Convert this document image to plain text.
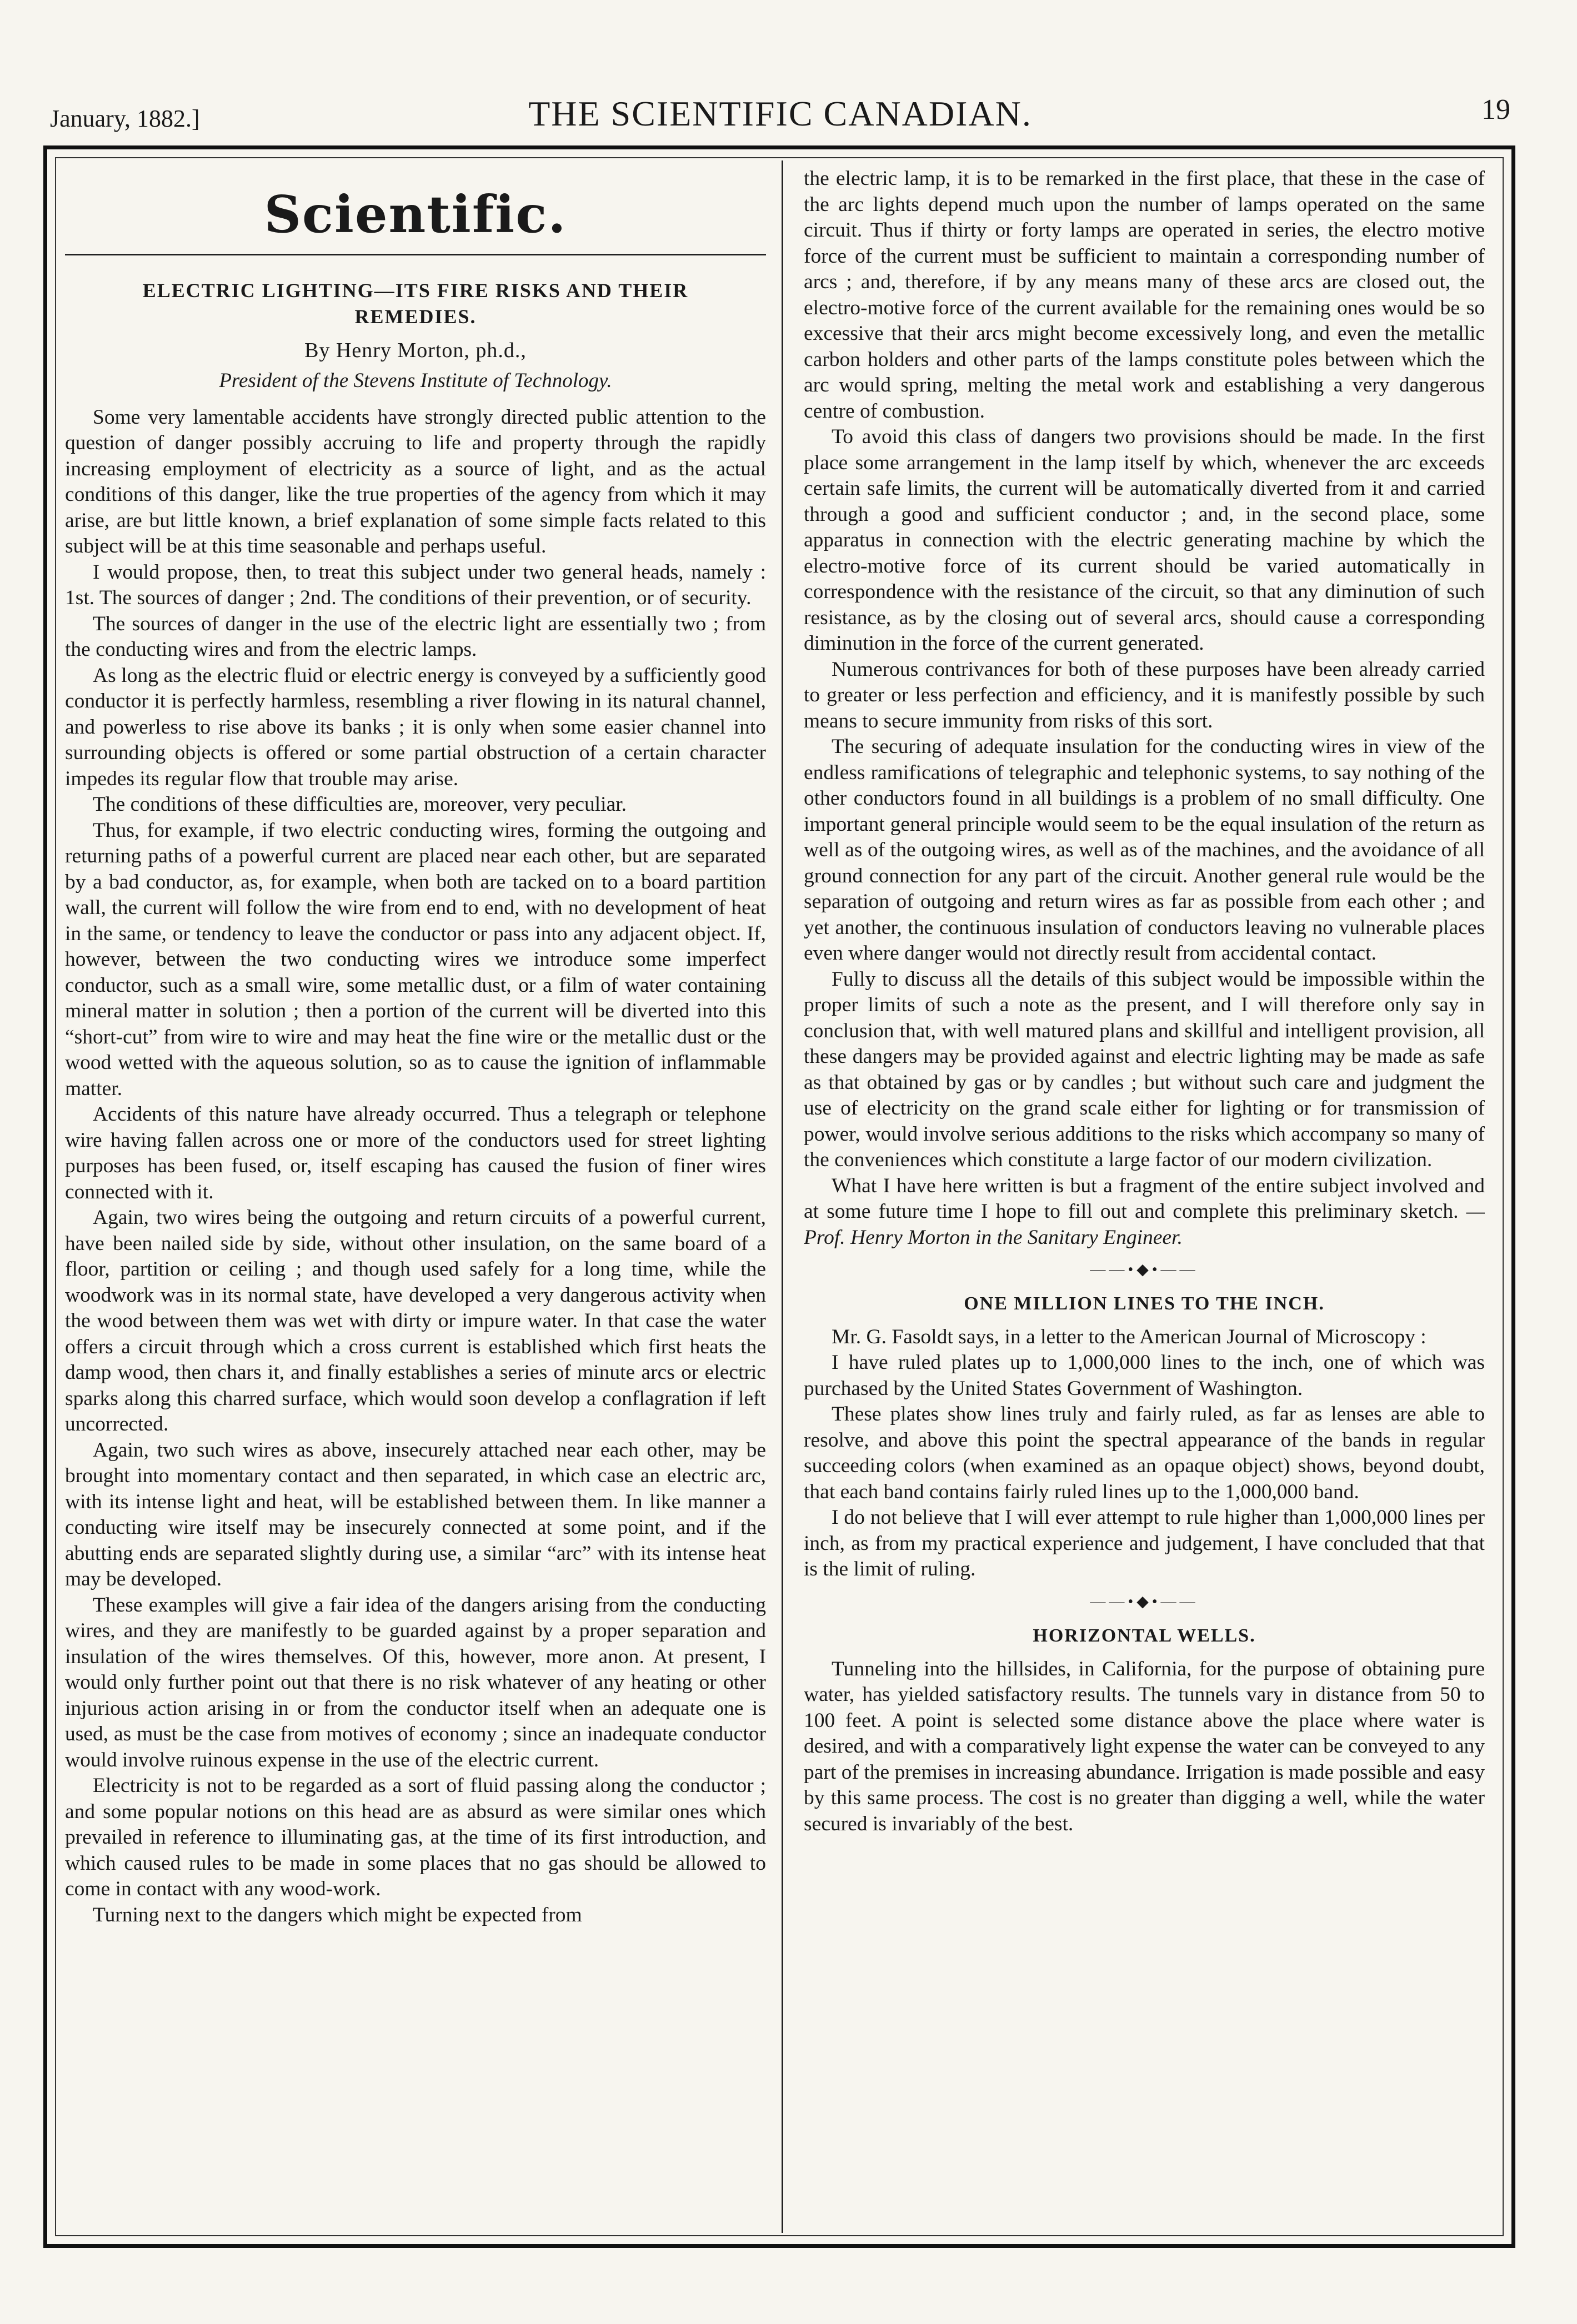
January, 1882.]	THE SCIENTIFIC CANADIAN.	19
Scientific.
ELECTRIC LIGHTING—ITS FIRE RISKS AND THEIR REMEDIES.
By Henry Morton, ph.d.,
President of the Stevens Institute of Technology.

Some very lamentable accidents have strongly directed public attention to the question of danger possibly accruing to life and property through the rapidly increasing employment of electricity as a source of light, and as the actual conditions of this danger, like the true properties of the agency from which it may arise, are but little known, a brief explanation of some simple facts related to this subject will be at this time seasonable and perhaps useful.

I would propose, then, to treat this subject under two general heads, namely : 1st. The sources of danger ; 2nd. The conditions of their prevention, or of security.

The sources of danger in the use of the electric light are essentially two ; from the conducting wires and from the electric lamps.

As long as the electric fluid or electric energy is conveyed by a sufficiently good conductor it is perfectly harmless, resembling a river flowing in its natural channel, and powerless to rise above its banks ; it is only when some easier channel into surrounding objects is offered or some partial obstruction of a certain character impedes its regular flow that trouble may arise.

The conditions of these difficulties are, moreover, very peculiar.

Thus, for example, if two electric conducting wires, forming the outgoing and returning paths of a powerful current are placed near each other, but are separated by a bad conductor, as, for example, when both are tacked on to a board partition wall, the current will follow the wire from end to end, with no development of heat in the same, or tendency to leave the conductor or pass into any adjacent object. If, however, between the two conducting wires we introduce some imperfect conductor, such as a small wire, some metallic dust, or a film of water containing mineral matter in solution ; then a portion of the current will be diverted into this “short-cut” from wire to wire and may heat the fine wire or the metallic dust or the wood wetted with the aqueous solution, so as to cause the ignition of inflammable matter.

Accidents of this nature have already occurred. Thus a telegraph or telephone wire having fallen across one or more of the conductors used for street lighting purposes has been fused, or, itself escaping has caused the fusion of finer wires connected with it.

Again, two wires being the outgoing and return circuits of a powerful current, have been nailed side by side, without other insulation, on the same board of a floor, partition or ceiling ; and though used safely for a long time, while the woodwork was in its normal state, have developed a very dangerous activity when the wood between them was wet with dirty or impure water. In that case the water offers a circuit through which a cross current is established which first heats the damp wood, then chars it, and finally establishes a series of minute arcs or electric sparks along this charred surface, which would soon develop a conflagration if left uncorrected.

Again, two such wires as above, insecurely attached near each other, may be brought into momentary contact and then separated, in which case an electric arc, with its intense light and heat, will be established between them. In like manner a conducting wire itself may be insecurely connected at some point, and if the abutting ends are separated slightly during use, a similar “arc” with its intense heat may be developed.

These examples will give a fair idea of the dangers arising from the conducting wires, and they are manifestly to be guarded against by a proper separation and insulation of the wires themselves. Of this, however, more anon. At present, I would only further point out that there is no risk whatever of any heating or other injurious action arising in or from the conductor itself when an adequate one is used, as must be the case from motives of economy ; since an inadequate conductor would involve ruinous expense in the use of the electric current.

Electricity is not to be regarded as a sort of fluid passing along the conductor ; and some popular notions on this head are as absurd as were similar ones which prevailed in reference to illuminating gas, at the time of its first introduction, and which caused rules to be made in some places that no gas should be allowed to come in contact with any wood-work.

Turning next to the dangers which might be expected from

the electric lamp, it is to be remarked in the first place, that these in the case of the arc lights depend much upon the number of lamps operated on the same circuit. Thus if thirty or forty lamps are operated in series, the electro motive force of the current must be sufficient to maintain a corresponding number of arcs ; and, therefore, if by any means many of these arcs are closed out, the electro-motive force of the current available for the remaining ones would be so excessive that their arcs might become excessively long, and even the metallic carbon holders and other parts of the lamps constitute poles between which the arc would spring, melting the metal work and establishing a very dangerous centre of combustion.

To avoid this class of dangers two provisions should be made. In the first place some arrangement in the lamp itself by which, whenever the arc exceeds certain safe limits, the current will be automatically diverted from it and carried through a good and sufficient conductor ; and, in the second place, some apparatus in connection with the electric generating machine by which the electro-motive force of its current should be varied automatically in correspondence with the resistance of the circuit, so that any diminution of such resistance, as by the closing out of several arcs, should cause a corresponding diminution in the force of the current generated.

Numerous contrivances for both of these purposes have been already carried to greater or less perfection and efficiency, and it is manifestly possible by such means to secure immunity from risks of this sort.

The securing of adequate insulation for the conducting wires in view of the endless ramifications of telegraphic and telephonic systems, to say nothing of the other conductors found in all buildings is a problem of no small difficulty. One important general principle would seem to be the equal insulation of the return as well as of the outgoing wires, as well as of the machines, and the avoidance of all ground connection for any part of the circuit. Another general rule would be the separation of outgoing and return wires as far as possible from each other ; and yet another, the continuous insulation of conductors leaving no vulnerable places even where danger would not directly result from accidental contact.

Fully to discuss all the details of this subject would be impossible within the proper limits of such a note as the present, and I will therefore only say in conclusion that, with well matured plans and skillful and intelligent provision, all these dangers may be provided against and electric lighting may be made as safe as that obtained by gas or by candles ; but without such care and judgment the use of electricity on the grand scale either for lighting or for transmission of power, would involve serious additions to the risks which accompany so many of the conveniences which constitute a large factor of our modern civilization.

What I have here written is but a fragment of the entire subject involved and at some future time I hope to fill out and complete this preliminary sketch. —Prof. Henry Morton in the Sanitary Engineer.

——•◆•——
ONE MILLION LINES TO THE INCH.

Mr. G. Fasoldt says, in a letter to the American Journal of Microscopy :

I have ruled plates up to 1,000,000 lines to the inch, one of which was purchased by the United States Government of Washington.

These plates show lines truly and fairly ruled, as far as lenses are able to resolve, and above this point the spectral appearance of the bands in regular succeeding colors (when examined as an opaque object) shows, beyond doubt, that each band contains fairly ruled lines up to the 1,000,000 band.

I do not believe that I will ever attempt to rule higher than 1,000,000 lines per inch, as from my practical experience and judgement, I have concluded that that is the limit of ruling.

——•◆•——
HORIZONTAL WELLS.

Tunneling into the hillsides, in California, for the purpose of obtaining pure water, has yielded satisfactory results. The tunnels vary in distance from 50 to 100 feet. A point is selected some distance above the place where water is desired, and with a comparatively light expense the water can be conveyed to any part of the premises in increasing abundance. Irrigation is made possible and easy by this same process. The cost is no greater than digging a well, while the water secured is invariably of the best.
